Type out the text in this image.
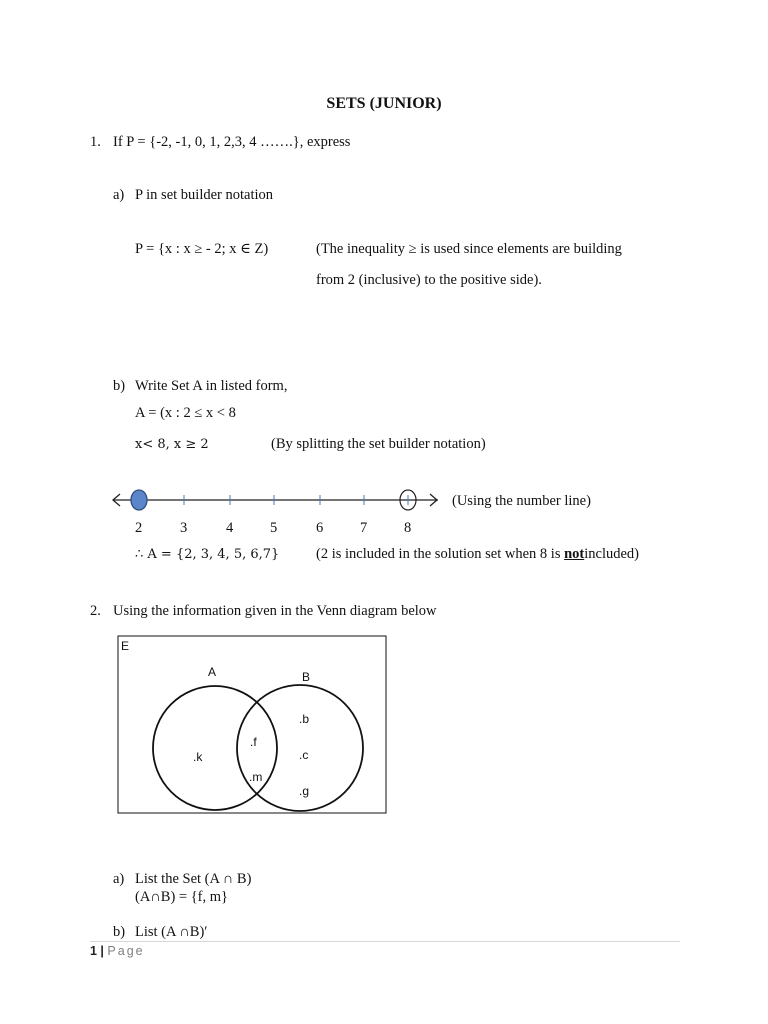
SETS (JUNIOR)
1. If P = {-2, -1, 0, 1, 2,3, 4 …….}, express
a) P in set builder notation
P = {x : x ≥ - 2; x ∈ Z)	(The inequality ≥ is used since elements are building
from 2 (inclusive) to the positive side).
b) Write Set A in listed form,
A = (x : 2 ≤ x < 8
x< 8, x ≥ 2	(By splitting the set builder notation)
(Using the number line)
2	3	4	5	6	7	8
∴ A = {2, 3, 4, 5, 6,7}	(2 is included in the solution set when 8 is notincluded)
2. Using the information given in the Venn diagram below
E
A	B
.k
.f
.m
.b
.c
.g
a) List the Set (A ∩ B)
(A∩B) = {f, m}
b) List (A ∩B)′
1 | Page
